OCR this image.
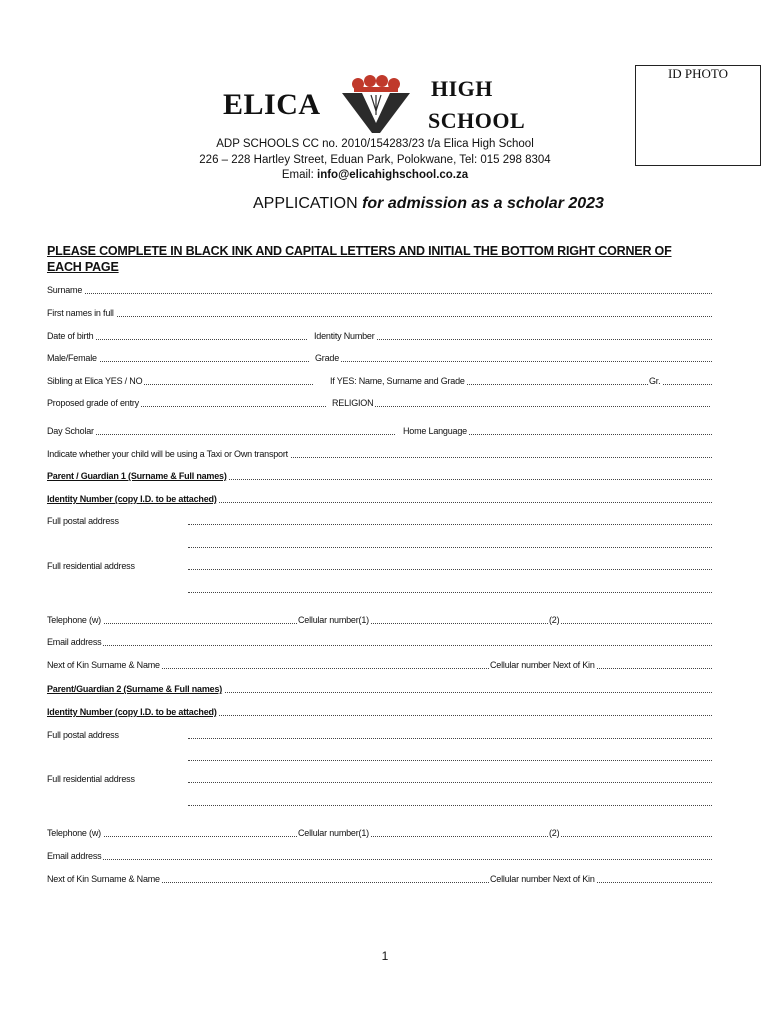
ID PHOTO
ELICA	HIGH
SCHOOL
ADP SCHOOLS CC no. 2010/154283/23 t/a Elica High School
226 – 228 Hartley Street, Eduan Park, Polokwane, Tel: 015 298 8304
Email: info@elicahighschool.co.za
APPLICATION for admission as a scholar 2023
PLEASE COMPLETE IN BLACK INK AND CAPITAL LETTERS AND INITIAL THE BOTTOM RIGHT CORNER OF EACH PAGE
Surname
First names in full
Date of birth	Identity Number
Male/Female	Grade
Sibling at Elica YES / NO	If YES: Name, Surname and Grade	Gr.
Proposed grade of entry	RELIGION
Day Scholar	Home Language
Indicate whether your child will be using a Taxi or Own transport
Parent / Guardian 1 (Surname & Full names)
Identity Number (copy I.D. to be attached)
Full postal address
Full residential address
Telephone (w)	Cellular number(1)	(2)
Email address
Next of Kin Surname & Name	Cellular number Next of Kin
Parent/Guardian 2 (Surname & Full names)
Identity Number (copy I.D. to be attached)
Full postal address
Full residential address
Telephone (w)	Cellular number(1)	(2)
Email address
Next of Kin Surname & Name	Cellular number Next of Kin
1
